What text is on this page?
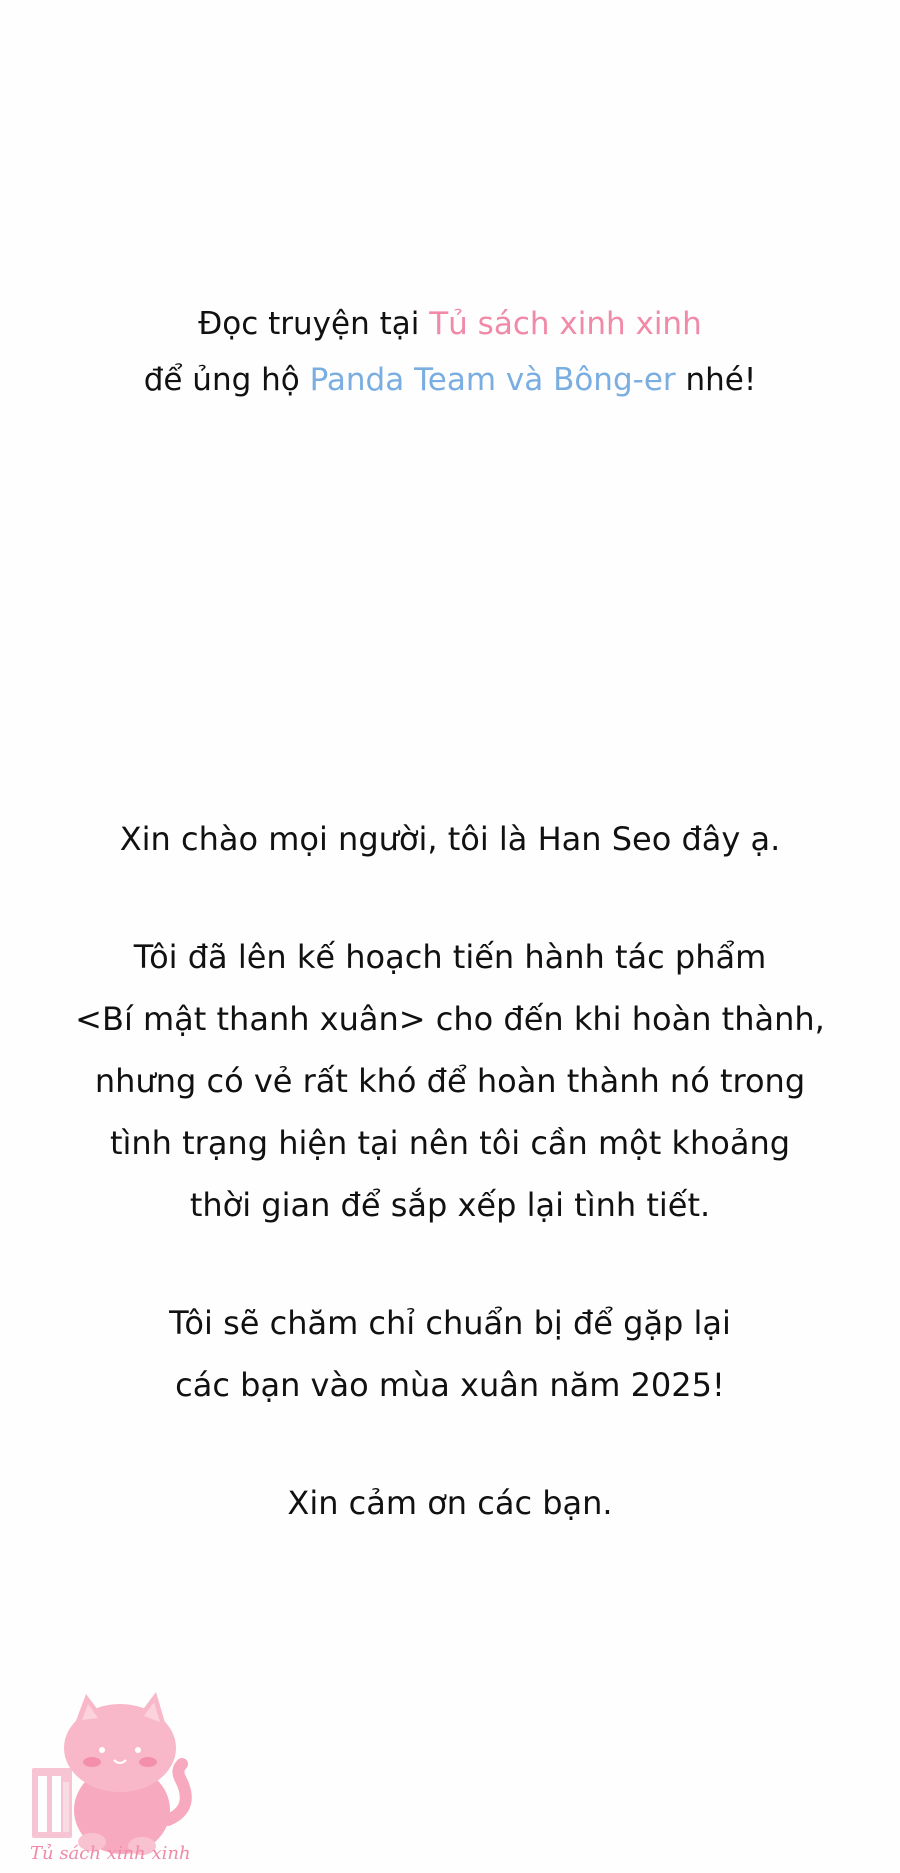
Đọc truyện tại Tủ sách xinh xinh
để ủng hộ Panda Team và Bông-er nhé!
Xin chào mọi người, tôi là Han Seo đây ạ.
Tôi đã lên kế hoạch tiến hành tác phẩm
<Bí mật thanh xuân> cho đến khi hoàn thành,
nhưng có vẻ rất khó để hoàn thành nó trong
tình trạng hiện tại nên tôi cần một khoảng
thời gian để sắp xếp lại tình tiết.
Tôi sẽ chăm chỉ chuẩn bị để gặp lại
các bạn vào mùa xuân năm 2025!
Xin cảm ơn các bạn.
Tủ sách xinh xinh
